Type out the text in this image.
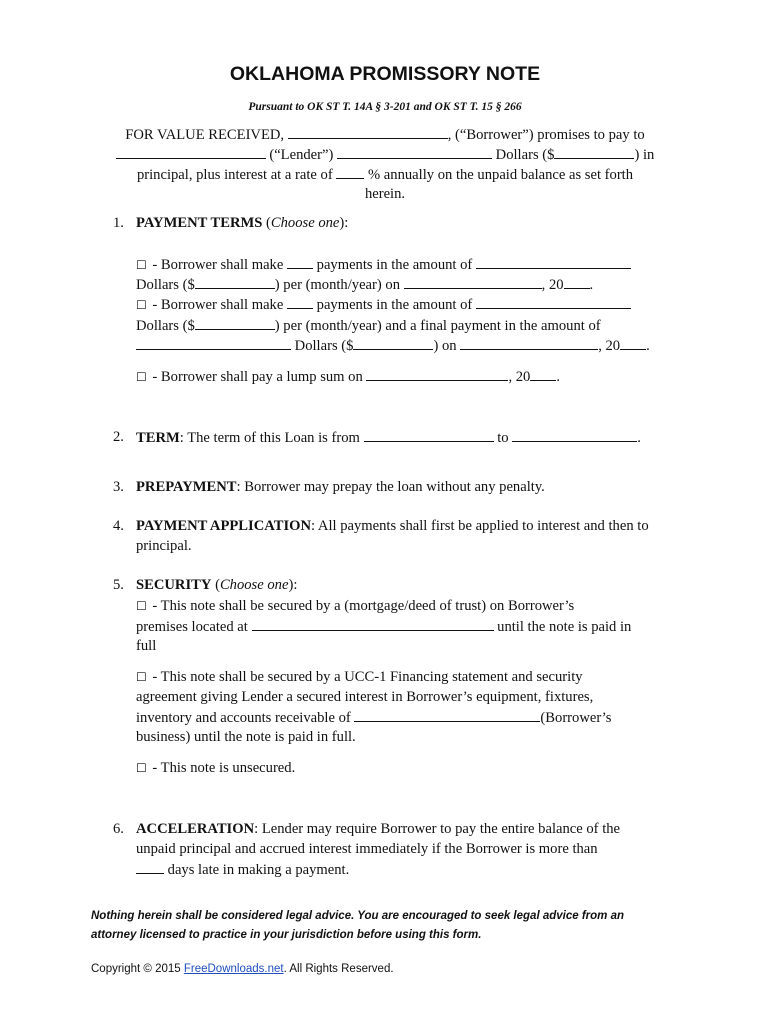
OKLAHOMA PROMISSORY NOTE
Pursuant to OK ST T. 14A § 3-201 and OK ST T. 15 § 266
FOR VALUE RECEIVED,	, (“Borrower”) promises to pay to
(“Lender”)	Dollars ($	) in
principal, plus interest at a rate of % annually on the unpaid balance as set forth
herein.
1. PAYMENT TERMS (Choose one):
☐ - Borrower shall make payments in the amount of
Dollars ($	) per (month/year) on	, 20 .
☐ - Borrower shall make payments in the amount of
Dollars ($	) per (month/year) and a final payment in the amount of
Dollars ($	) on	, 20 .
☐ - Borrower shall pay a lump sum on	, 20 .
2. TERM: The term of this Loan is from	to	.
3. PREPAYMENT: Borrower may prepay the loan without any penalty.
4. PAYMENT APPLICATION: All payments shall first be applied to interest and then to
principal.
5. SECURITY (Choose one):
☐ - This note shall be secured by a (mortgage/deed of trust) on Borrower’s
premises located at	until the note is paid in
full
☐ - This note shall be secured by a UCC-1 Financing statement and security
agreement giving Lender a secured interest in Borrower’s equipment, fixtures,
inventory and accounts receivable of	(Borrower’s
business) until the note is paid in full.
☐ - This note is unsecured.
6. ACCELERATION: Lender may require Borrower to pay the entire balance of the
unpaid principal and accrued interest immediately if the Borrower is more than
days late in making a payment.
Nothing herein shall be considered legal advice. You are encouraged to seek legal advice from an
attorney licensed to practice in your jurisdiction before using this form.
Copyright © 2015 FreeDownloads.net. All Rights Reserved.
